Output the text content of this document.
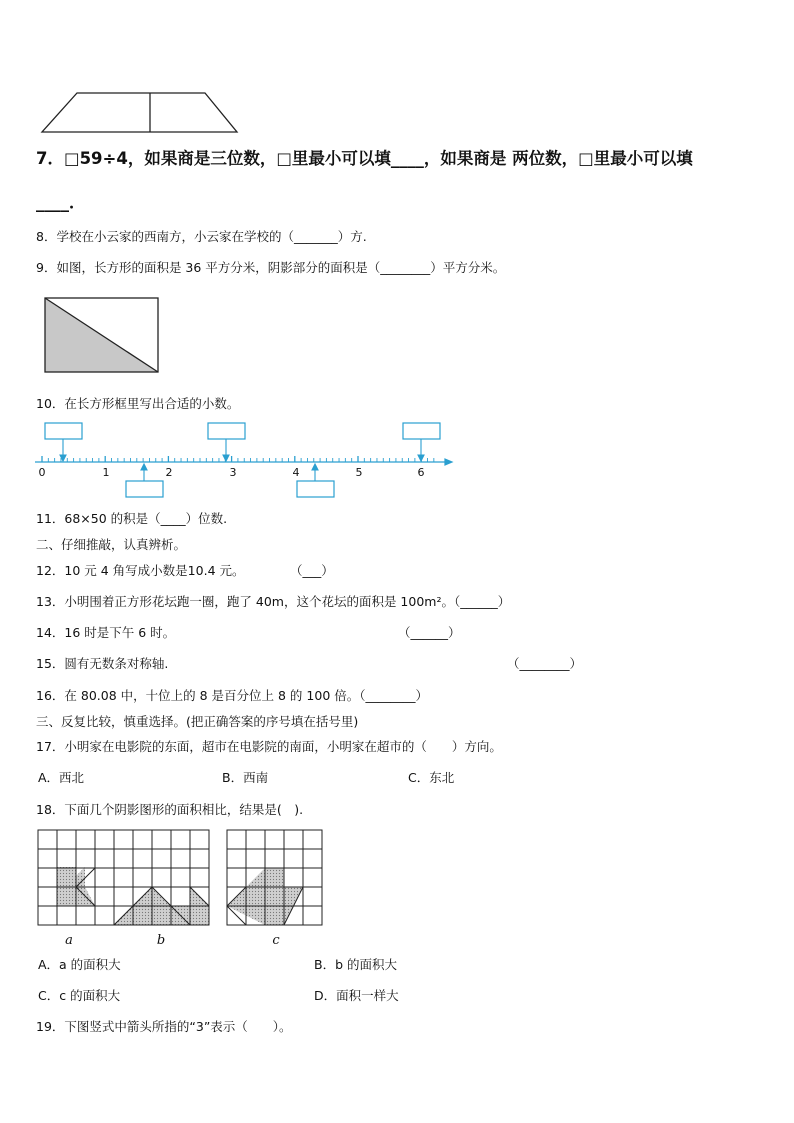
7．□59÷4，如果商是三位数，□里最小可以填____，如果商是 两位数，□里最小可以填
____．
8．学校在小云家的西南方，小云家在学校的（_______）方.
9．如图，长方形的面积是 36 平方分米，阴影部分的面积是（________）平方分米。
10．在长方形框里写出合适的小数。
0	1	2	3	4	5	6
11．68×50 的积是（____）位数.
二、仔细推敲，认真辨析。
12．10 元 4 角写成小数是10.4 元。	（___）
13．小明围着正方形花坛跑一圈，跑了 40m，这个花坛的面积是 100m²。（______）
14．16 时是下午 6 时。	（______）
15．圆有无数条对称轴.	（________）
16．在 80.08 中，十位上的 8 是百分位上 8 的 100 倍。（________）
三、反复比较，慎重选择。(把正确答案的序号填在括号里)
17．小明家在电影院的东面，超市在电影院的南面，小明家在超市的（　　）方向。
A．西北	B．西南	C．东北
18．下面几个阴影图形的面积相比，结果是(　).
a	b	c
A．a 的面积大	B．b 的面积大
C．c 的面积大	D．面积一样大
19．下图竖式中箭头所指的“3”表示（　　）。
